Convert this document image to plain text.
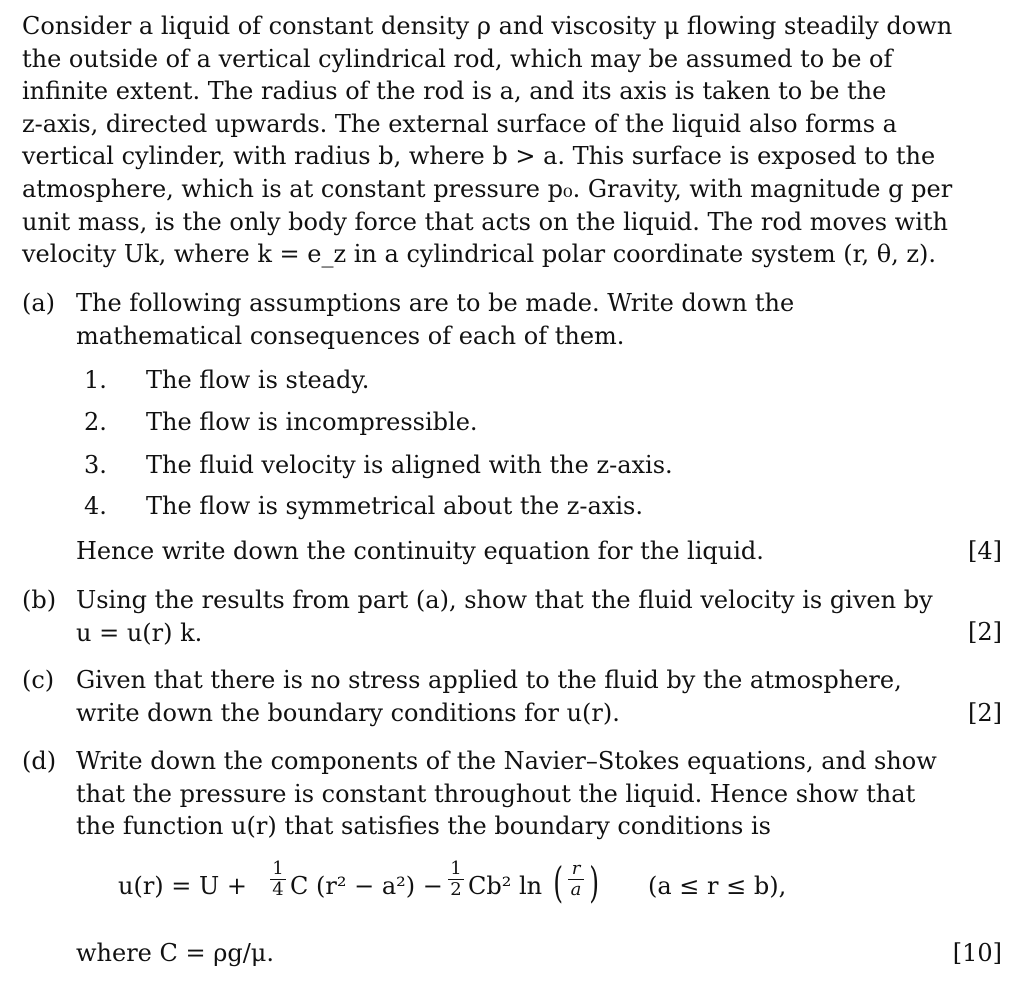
Consider a liquid of constant density ρ and viscosity μ flowing steadily down
the outside of a vertical cylindrical rod, which may be assumed to be of
infinite extent. The radius of the rod is a, and its axis is taken to be the
z-axis, directed upwards. The external surface of the liquid also forms a
vertical cylinder, with radius b, where b > a. This surface is exposed to the
atmosphere, which is at constant pressure p₀. Gravity, with magnitude g per
unit mass, is the only body force that acts on the liquid. The rod moves with
velocity Uk, where k = e_z in a cylindrical polar coordinate system (r, θ, z).
(a) The following assumptions are to be made. Write down the
mathematical consequences of each of them.
1. The flow is steady.
2. The flow is incompressible.
3. The fluid velocity is aligned with the z-axis.
4. The flow is symmetrical about the z-axis.
Hence write down the continuity equation for the liquid.	[4]
(b) Using the results from part (a), show that the fluid velocity is given by
u = u(r) k.	[2]
(c) Given that there is no stress applied to the fluid by the atmosphere,
write down the boundary conditions for u(r).	[2]
(d) Write down the components of the Navier–Stokes equations, and show
that the pressure is constant throughout the liquid. Hence show that
the function u(r) that satisfies the boundary conditions is
u(r) = U +
1
4 C (r² − a²) −
1
2 Cb² ln ( r
a ) (a ≤ r ≤ b),
where C = ρg/μ.	[10]
